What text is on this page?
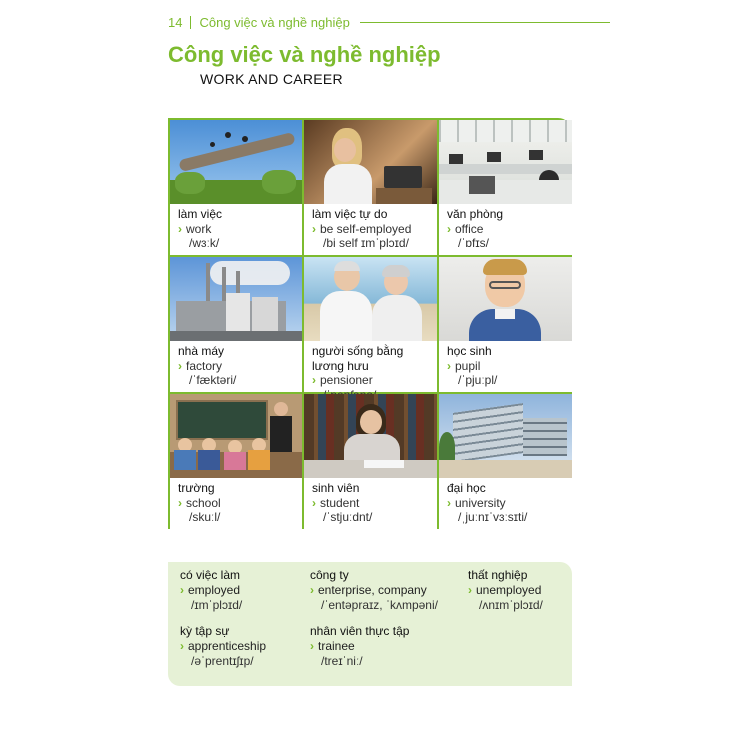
14 Công việc và nghề nghiệp
Công việc và nghề nghiệp
WORK AND CAREER
làm việc
› work
/wɜːk/
làm việc tự do
› be self-employed
/bi self ɪmˈplɔɪd/
văn phòng
› office
/ˈɒfɪs/
nhà máy
› factory
/ˈfæktəri/
người sống bằng lương hưu
› pensioner
học sinh
› pupil
/ˈpjuːpl/
trường
› school
/skuːl/
sinh viên
› student
/ˈstjuːdnt/
đại học
› university
/ˌjuːnɪˈvɜːsɪti/
có việc làm
› employed
/ɪmˈplɔɪd/
công ty
› enterprise, company
/ˈentəpraɪz, ˈkʌmpəni/
thất nghiệp
› unemployed
/ʌnɪmˈplɔɪd/
kỳ tập sự
› apprenticeship
/əˈprentɪʃɪp/
nhân viên thực tập
› trainee
/treɪˈniː/
